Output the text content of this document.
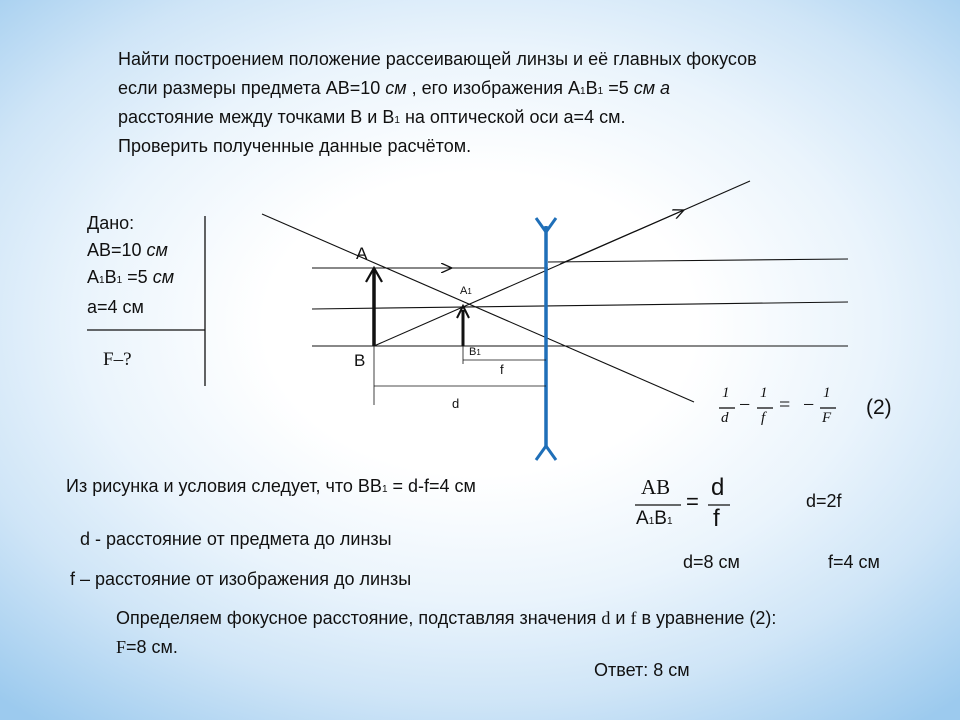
Найти построением положение рассеивающей линзы и её главных фокусов
если размеры предмета AB=10 см , его изображения A1B1 =5 см а
расстояние между точками B и B1 на оптической оси a=4 см.
Проверить полученные данные расчётом.
Дано:
AB=10 см
A1B1 =5 см
a=4 см
F–?
A
B
A1
B1
f
d
1
d
−
1
f
= −
1
F (2)
Из рисунка и условия следует, что BB1 = d-f=4 см	AB
A1B1
=
d
f
d=2f
d - расстояние от предмета до линзы
f – расстояние от изображения до линзы
d=8 см	f=4 см
Определяем фокусное расстояние, подставляя значения d и f в уравнение (2):
F=8 см.
Ответ: 8 см
